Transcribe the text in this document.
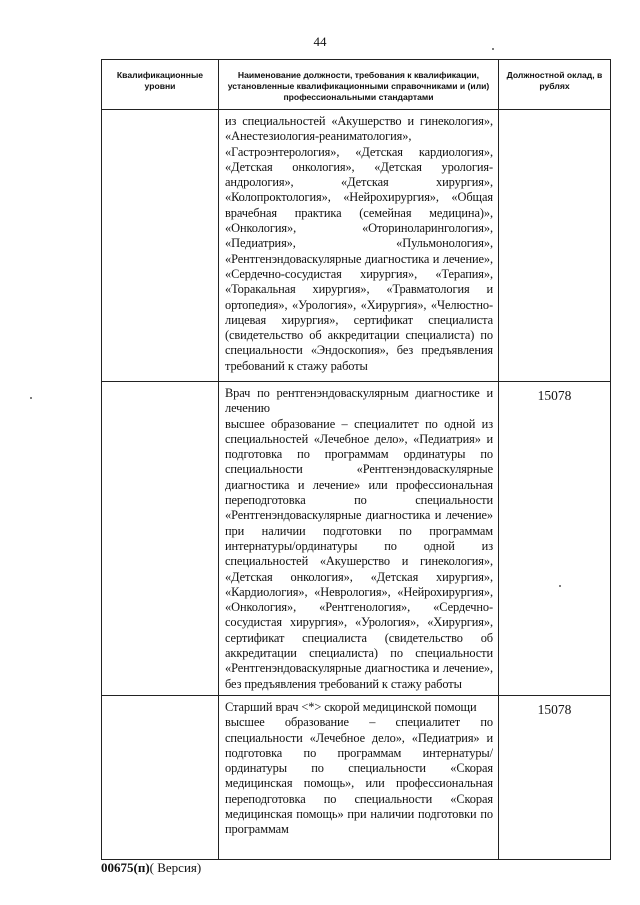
44
Квалификационные уровни	Наименование должности, требования к квалификации, установленные квалификационными справочниками и (или) профессиональными стандартами	Должностной оклад, в рублях
	из специальностей «Акушерство и гинекология», «Анестезиология-реаниматология», «Гастроэнтерология», «Детская кардиология», «Детская онкология», «Детская урология-андрология», «Детская хирургия», «Колопроктология», «Нейрохирургия», «Общая врачебная практика (семейная медицина)», «Онкология», «Оториноларингология», «Педиатрия», «Пульмонология», «Рентгенэндоваскулярные диагностика и лечение», «Сердечно-сосудистая хирургия», «Терапия», «Торакальная хирургия», «Травматология и ортопедия», «Урология», «Хирургия», «Челюстно-лицевая хирургия», сертификат специалиста (свидетельство об аккредитации специалиста) по специальности «Эндоскопия», без предъявления требований к стажу работы	

	Врач по рентгенэндоваскулярным диагностике и лечению
высшее образование – специалитет по одной из специальностей «Лечебное дело», «Педиатрия» и подготовка по программам ординатуры по специальности «Рентгенэндоваскулярные диагностика и лечение» или профессиональная переподготовка по специальности «Рентгенэндоваскулярные диагностика и лечение» при наличии подготовки по программам интернатуры/ординатуры по одной из специальностей «Акушерство и гинекология», «Детская онкология», «Детская хирургия», «Кардиология», «Неврология», «Нейрохирургия», «Онкология», «Рентгенология», «Сердечно-сосудистая хирургия», «Урология», «Хирургия», сертификат специалиста (свидетельство об аккредитации специалиста) по специальности «Рентгенэндоваскулярные диагностика и лечение», без предъявления требований к стажу работы	15078

	Старший врач <*> скорой медицинской помощи
высшее образование – специалитет по специальности «Лечебное дело», «Педиатрия» и подготовка по программам интернатуры/ординатуры по специальности «Скорая медицинская помощь», или профессиональная переподготовка по специальности «Скорая медицинская помощь» при наличии подготовки по программам	15078
00675(п)( Версия)
